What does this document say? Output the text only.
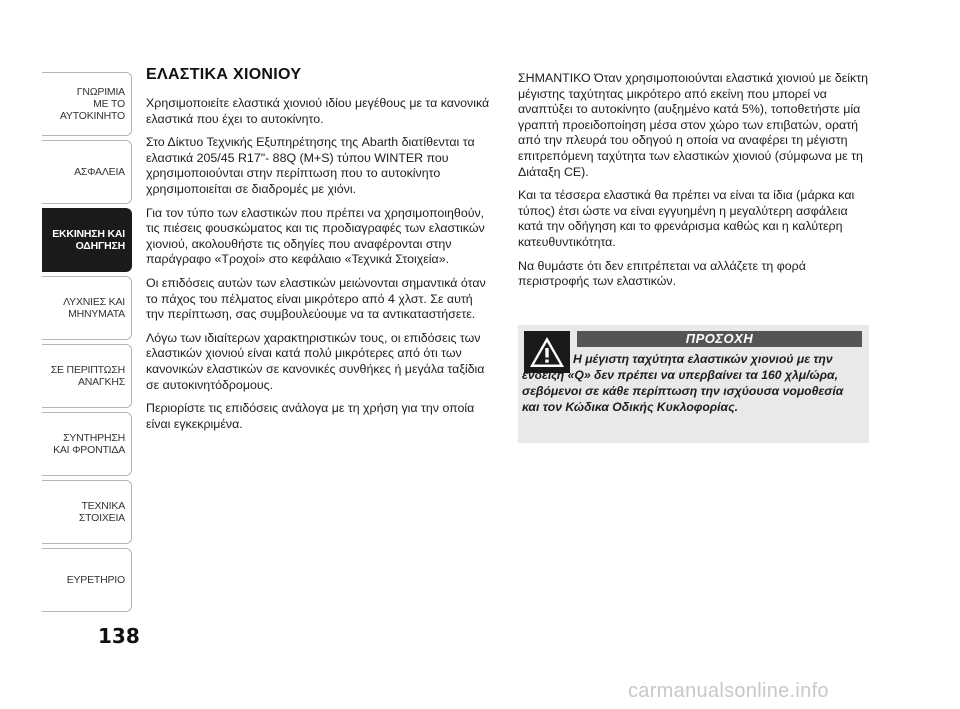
ΓΝΩΡΙΜΙΑ
ΜΕ ΤΟ
ΑΥΤΟΚΙΝΗΤΟ
ΑΣΦΑΛΕΙΑ
ΕΚΚΙΝΗΣΗ ΚΑΙ
ΟΔΗΓΗΣΗ
ΛΥΧΝΙΕΣ ΚΑΙ
ΜΗΝΥΜΑΤΑ
ΣΕ ΠΕΡΙΠΤΩΣΗ
ΑΝΑΓΚΗΣ
ΣΥΝΤΗΡΗΣΗ
ΚΑΙ ΦΡΟΝΤΙΔΑ
ΤΕΧΝΙΚΑ
ΣΤΟΙΧΕΙΑ
ΕΥΡΕΤΗΡΙΟ
138
ΕΛΑΣΤΙΚΑ ΧΙΟΝΙΟΥ

Χρησιμοποιείτε ελαστικά χιονιού ιδίου μεγέθους με τα κανονικά ελαστικά που έχει το αυτοκίνητο.

Στο Δίκτυο Τεχνικής Εξυπηρέτησης της Abarth διατίθενται τα ελαστικά 205/45 R17"- 88Q (M+S) τύπου WINTER που χρησιμοποιούνται στην περίπτωση που το αυτοκίνητο χρησιμοποιείται σε διαδρομές με χιόνι.

Για τον τύπο των ελαστικών που πρέπει να χρησιμοποιηθούν, τις πιέσεις φουσκώματος και τις προδιαγραφές των ελαστικών χιονιού, ακολουθήστε τις οδηγίες που αναφέρονται στην παράγραφο «Τροχοί» στο κεφάλαιο «Τεχνικά Στοιχεία».

Οι επιδόσεις αυτών των ελαστικών μειώνονται σημαντικά όταν το πάχος του πέλματος είναι μικρότερο από 4 χλστ. Σε αυτή την περίπτωση, σας συμβουλεύουμε να τα αντικαταστήσετε.

Λόγω των ιδιαίτερων χαρακτηριστικών τους, οι επιδόσεις των ελαστικών χιονιού είναι κατά πολύ μικρότερες από ότι των κανονικών ελαστικών σε κανονικές συνθήκες ή μεγάλα ταξίδια σε αυτοκινητόδρομους.

Περιορίστε τις επιδόσεις ανάλογα με τη χρήση για την οποία είναι εγκεκριμένα.

ΣΗΜΑΝΤΙΚΟ Όταν χρησιμοποιούνται ελαστικά χιονιού με δείκτη μέγιστης ταχύτητας μικρότερο από εκείνη που μπορεί να αναπτύξει το αυτοκίνητο (αυξημένο κατά 5%), τοποθετήστε μία γραπτή προειδοποίηση μέσα στον χώρο των επιβατών, ορατή από την πλευρά του οδηγού η οποία να αναφέρει τη μέγιστη επιτρεπόμενη ταχύτητα των ελαστικών χιονιού (σύμφωνα με τη Διάταξη CE).

Και τα τέσσερα ελαστικά θα πρέπει να είναι τα ίδια (μάρκα και τύπος) έτσι ώστε να είναι εγγυημένη η μεγαλύτερη ασφάλεια κατά την οδήγηση και το φρενάρισμα καθώς και η καλύτερη κατευθυντικότητα.

Να θυμάστε ότι δεν επιτρέπεται να αλλάζετε τη φορά περιστροφής των ελαστικών.

ΠΡΟΣΟΧΗ
Η μέγιστη ταχύτητα ελαστικών χιονιού με την ένδειξη «Q» δεν πρέπει να υπερβαίνει τα 160 χλμ/ώρα, σεβόμενοι σε κάθε περίπτωση την ισχύουσα νομοθεσία και τον Κώδικα Οδικής Κυκλοφορίας.
carmanualsonline.info
